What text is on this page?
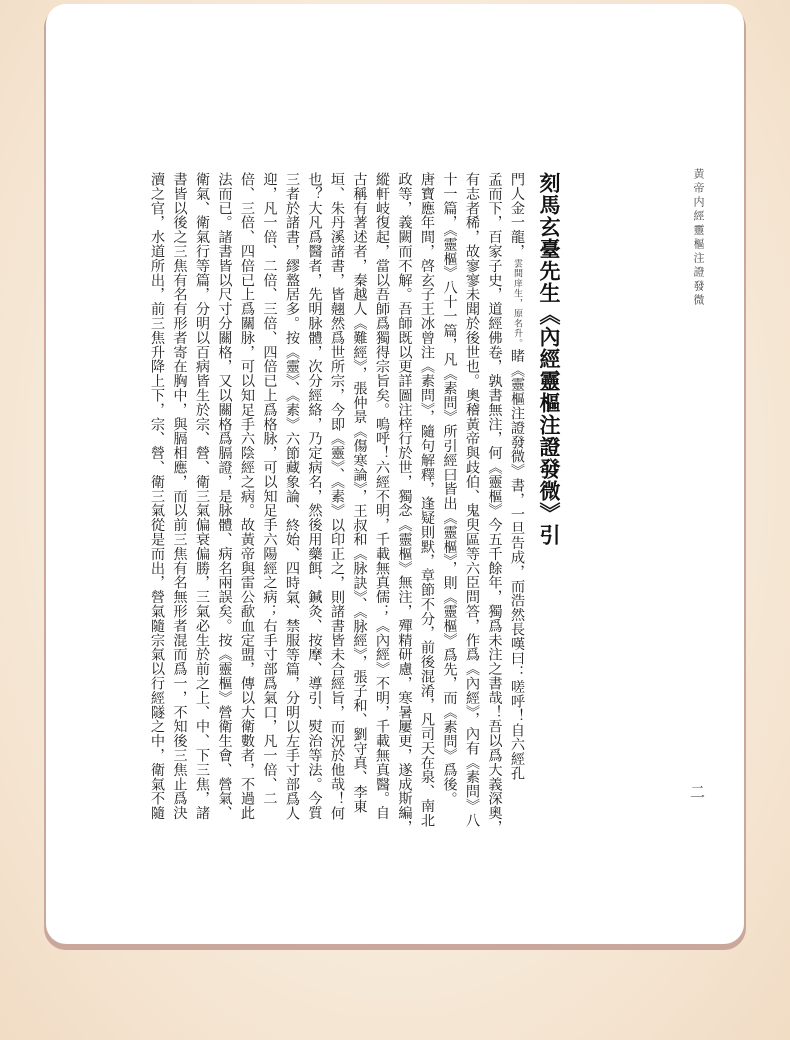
黄帝内經靈樞注證發微
二
刻馬玄臺先生《內經靈樞注證發微》引
門人金一龍，雲間庠生，原名升。睹《靈樞注證發微》書，一旦告成，而浩然長嘆曰：嗟呼！自六經孔
孟而下，百家子史，道經佛卷，孰書無注，何《靈樞》今五千餘年，獨爲未注之書哉！吾以爲大義深奧，
有志者稀，故寥寥未聞於後世也。奧稽黃帝與歧伯、鬼臾區等六臣問答，作爲《內經》，內有《素問》八
十一篇，《靈樞》八十一篇，凡《素問》所引經曰皆出《靈樞》，則《靈樞》爲先，而《素問》爲後。
唐寶應年間，啓玄子王冰曾注《素問》，隨句解釋，逢疑則默，章節不分，前後混淆，凡司天在泉、南北
政等，義闕而不解。吾師既以更詳圖注梓行於世，獨念《靈樞》無注，殫精研慮，寒暑屢更，遂成斯編，
縱軒岐復起，當以吾師爲獨得宗旨矣。嗚呼！六經不明，千載無真儒；《內經》不明，千載無真醫。自
古稱有著述者，秦越人《難經》，張仲景《傷寒論》，王叔和《脉訣》、《脉經》，張子和、劉守真、李東
垣、朱丹溪諸書，皆翹然爲世所宗，今即《靈》、《素》以印正之，則諸書皆未合經旨，而況於他哉！何
也？大凡爲醫者，先明脉體，次分經絡，乃定病名，然後用藥餌、鍼灸、按摩、導引、熨治等法。今質
三者於諸書，繆盩居多。按《靈》、《素》六節藏象論、終始、四時氣、禁服等篇，分明以左手寸部爲人
迎，凡一倍、二倍、三倍、四倍已上爲格脉，可以知足手六陽經之病；右手寸部爲氣口，凡一倍、二
倍、三倍、四倍已上爲關脉，可以知足手六陰經之病。故黃帝與雷公歃血定盟，傳以大衛數者，不過此
法而已。諸書皆以尺寸分關格，又以關格爲膈證，是脉體、病名兩誤矣。按《靈樞》營衛生會、營氣、
衛氣、衛氣行等篇，分明以百病皆生於宗、營、衛三氣偏衰偏勝，三氣必生於前之上、中、下三焦，諸
書皆以後之三焦有名有形者寄在胸中，與膈相應，而以前三焦有名無形者混而爲一，不知後三焦止爲決
瀆之官，水道所出，前三焦升降上下，宗、營、衛三氣從是而出，營氣隨宗氣以行經隧之中，衛氣不隨
